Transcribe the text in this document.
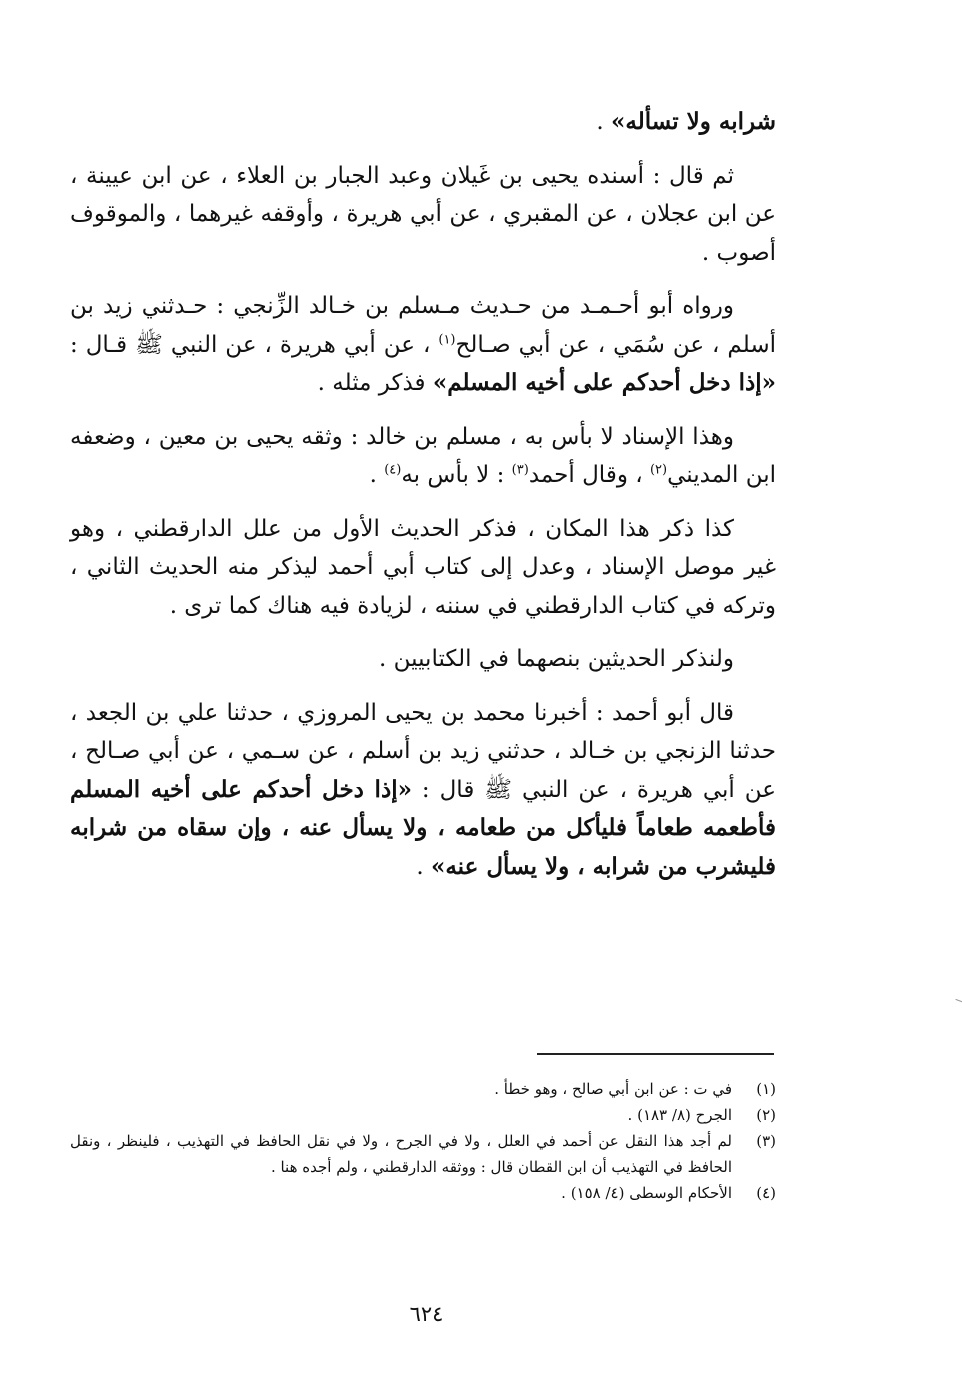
شرابه ولا تسأله» .

ثم قال : أسنده يحيى بن غَيلان وعبد الجبار بن العلاء ، عن ابن عيينة ، عن ابن عجلان ، عن المقبري ، عن أبي هريرة ، وأوقفه غيرهما ، والموقوف أصوب .

ورواه أبو أحـمـد من حـديث مـسلم بن خـالد الزِّنجي : حـدثني زيد بن أسلم ، عن سُمَي ، عن أبي صـالح$^{(١)}$ ، عن أبي هريرة ، عن النبي ﷺ قـال : «إذا دخل أحدكم على أخيه المسلم» فذكر مثله .

وهذا الإسناد لا بأس به ، مسلم بن خالد : وثقه يحيى بن معين ، وضعفه ابن المديني$^{(٢)}$ ، وقال أحمد$^{(٣)}$ : لا بأس به$^{(٤)}$ .

كذا ذكر هذا المكان ، فذكر الحديث الأول من علل الدارقطني ، وهو غير موصل الإسناد ، وعدل إلى كتاب أبي أحمد ليذكر منه الحديث الثاني ، وتركه في كتاب الدارقطني في سننه ، لزيادة فيه هناك كما ترى .

ولنذكر الحديثين بنصهما في الكتابيين .

قال أبو أحمد : أخبرنا محمد بن يحيى المروزي ، حدثنا علي بن الجعد ، حدثنا الزنجي بن خـالد ، حدثني زيد بن أسلم ، عن سـمي ، عن أبي صـالح ، عن أبي هريرة ، عن النبي ﷺ قال : «إذا دخل أحدكم على أخيه المسلم فأطعمه طعاماً فليأكل من طعامه ، ولا يسأل عنه ، وإن سقاه من شرابه فليشرب من شرابه ، ولا يسأل عنه» .

(١)
في ت : عن ابن أبي صالح ، وهو خطأ .
(٢)
الجرح (٨/ ١٨٣) .
(٣)
لم أجد هذا النقل عن أحمد في العلل ، ولا في الجرح ، ولا في نقل الحافظ في التهذيب ، فلينظر ، ونقل الحافظ في التهذيب أن ابن القطان قال : ووثقه الدارقطني ، ولم أجده هنا .
(٤)
الأحكام الوسطى (٤/ ١٥٨) .
٦٢٤
